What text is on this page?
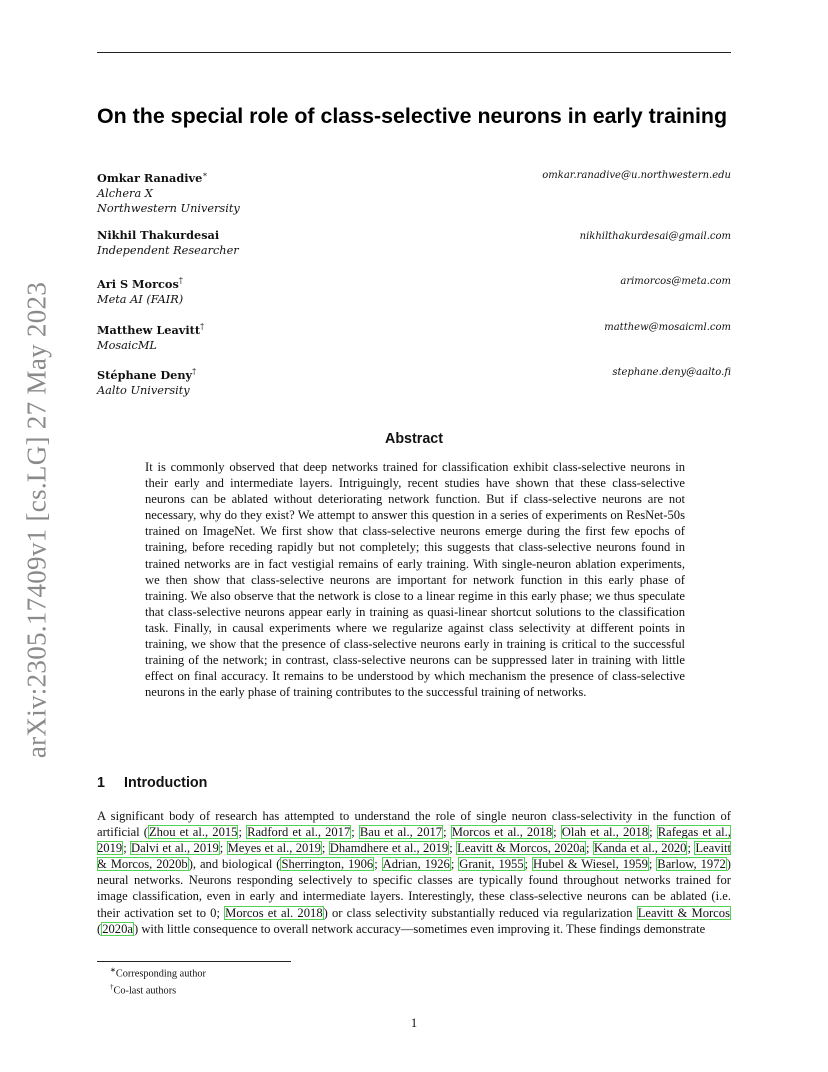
arXiv:2305.17409v1 [cs.LG] 27 May 2023
On the special role of class-selective neurons in early training
Omkar Ranadive∗
Alchera X
Northwestern University
omkar.ranadive@u.northwestern.edu
Nikhil Thakurdesai
Independent Researcher
nikhilthakurdesai@gmail.com
Ari S Morcos†
Meta AI (FAIR)
arimorcos@meta.com
Matthew Leavitt†
MosaicML
matthew@mosaicml.com
Stéphane Deny†
Aalto University
stephane.deny@aalto.fi
Abstract
It is commonly observed that deep networks trained for classification exhibit class-selective neurons in their early and intermediate layers. Intriguingly, recent studies have shown that these class-selective neurons can be ablated without deteriorating network function. But if class-selective neurons are not necessary, why do they exist? We attempt to answer this question in a series of experiments on ResNet-50s trained on ImageNet. We first show that class-selective neurons emerge during the first few epochs of training, before receding rapidly but not completely; this suggests that class-selective neurons found in trained networks are in fact vestigial remains of early training. With single-neuron ablation experiments, we then show that class-selective neurons are important for network function in this early phase of training. We also observe that the network is close to a linear regime in this early phase; we thus speculate that class-selective neurons appear early in training as quasi-linear shortcut solutions to the classification task. Finally, in causal experiments where we regularize against class selectivity at different points in training, we show that the presence of class-selective neurons early in training is critical to the successful training of the network; in contrast, class-selective neurons can be suppressed later in training with little effect on final accuracy. It remains to be understood by which mechanism the presence of class-selective neurons in the early phase of training contributes to the successful training of networks.
1 Introduction
A significant body of research has attempted to understand the role of single neuron class-selectivity in the function of artificial (Zhou et al., 2015; Radford et al., 2017; Bau et al., 2017; Morcos et al., 2018; Olah et al., 2018; Rafegas et al., 2019; Dalvi et al., 2019; Meyes et al., 2019; Dhamdhere et al., 2019; Leavitt & Morcos, 2020a; Kanda et al., 2020; Leavitt & Morcos, 2020b), and biological (Sherrington, 1906; Adrian, 1926; Granit, 1955; Hubel & Wiesel, 1959; Barlow, 1972) neural networks. Neurons responding selectively to specific classes are typically found throughout networks trained for image classification, even in early and intermediate layers. Interestingly, these class-selective neurons can be ablated (i.e. their activation set to 0; Morcos et al. 2018) or class selectivity substantially reduced via regularization Leavitt & Morcos (2020a) with little consequence to overall network accuracy—sometimes even improving it. These findings demonstrate
∗Corresponding author
†Co-last authors
1
